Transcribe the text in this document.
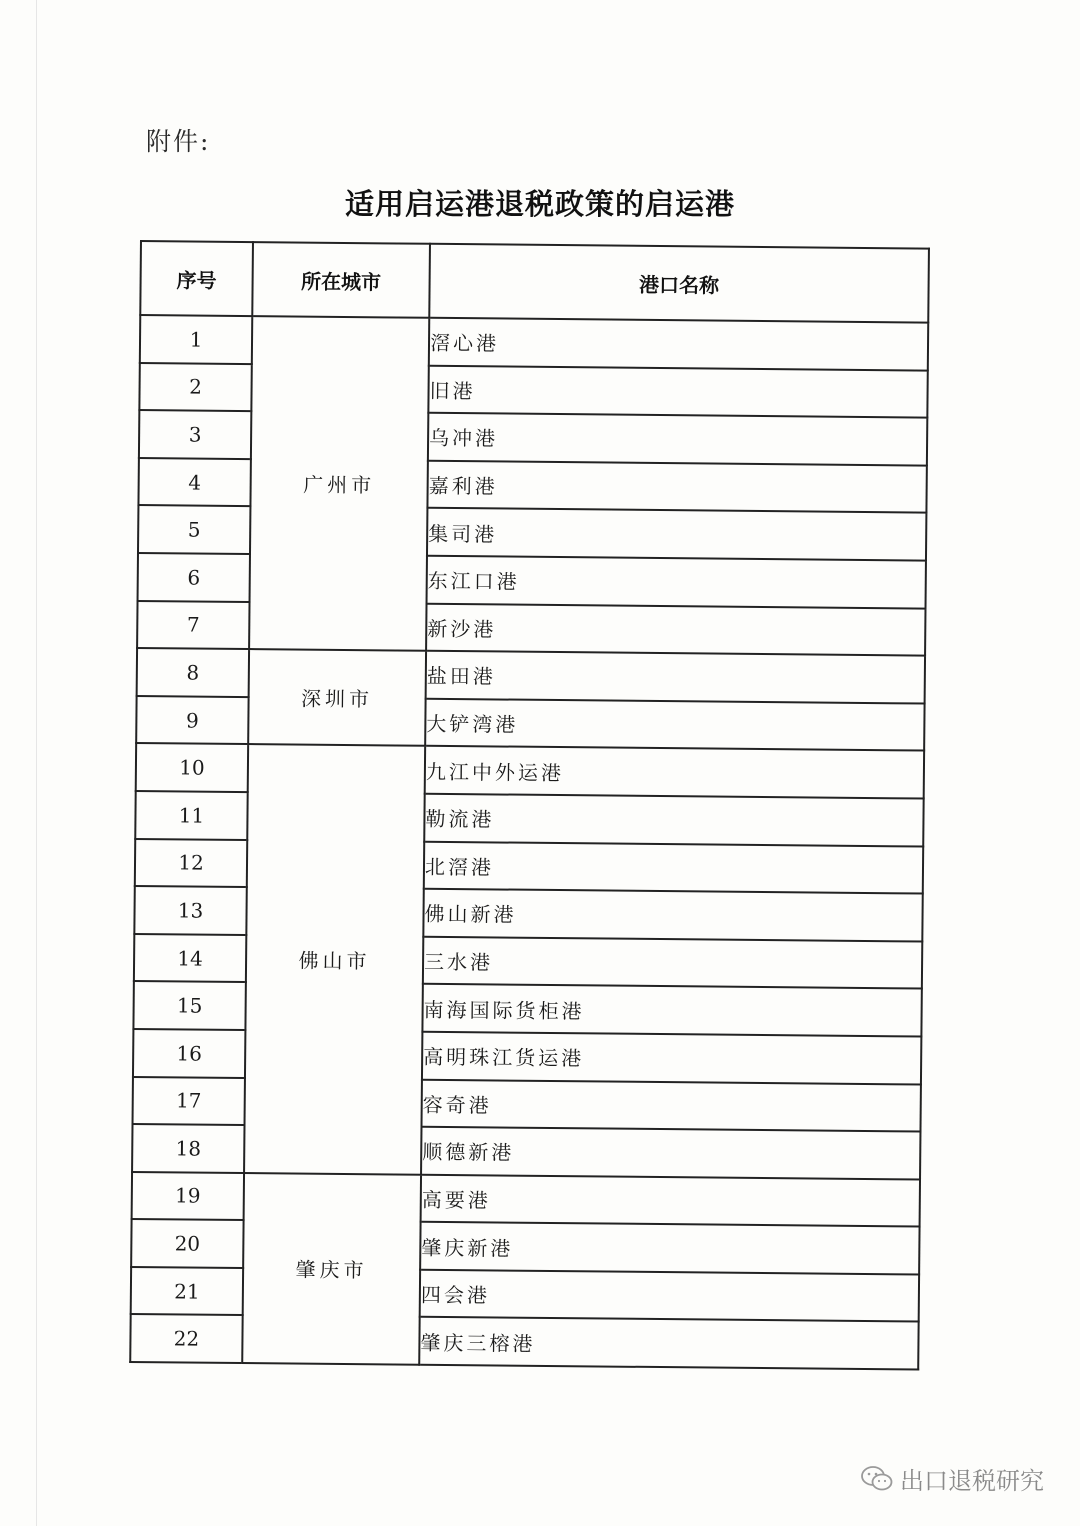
附件:
适用启运港退税政策的启运港
序号	所在城市	港口名称
1	广州市	滘心港
2		旧港
3		乌冲港
4		嘉利港
5		集司港
6		东江口港
7		新沙港
8	深圳市	盐田港
9		大铲湾港
10	佛山市	九江中外运港
11		勒流港
12		北滘港
13		佛山新港
14		三水港
15		南海国际货柜港
16		高明珠江货运港
17		容奇港
18		顺德新港
19	肇庆市	高要港
20		肇庆新港
21		四会港
22		肇庆三榕港
出口退税研究
